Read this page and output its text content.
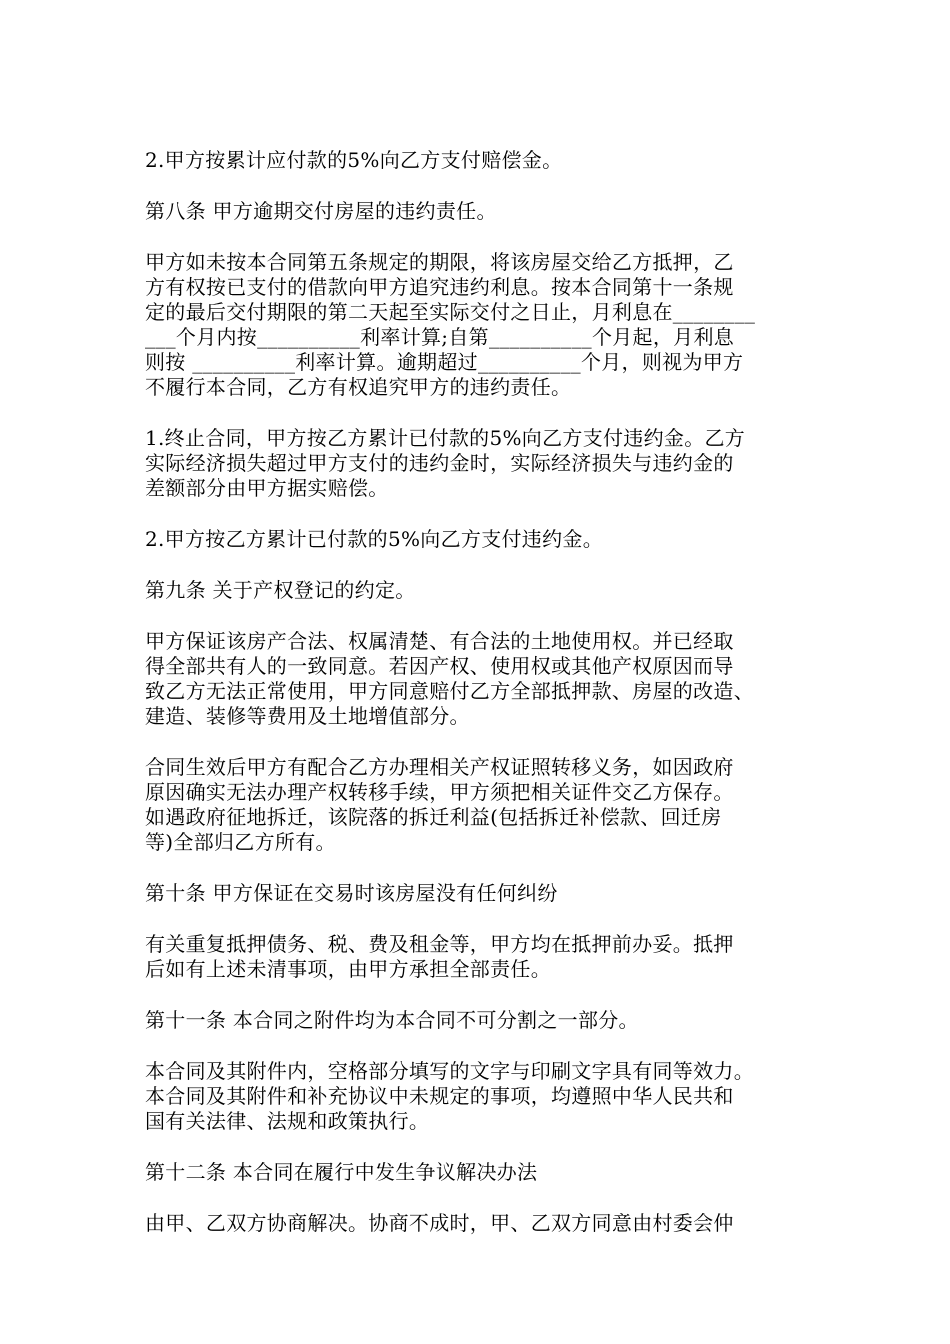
2.甲方按累计应付款的5%向乙方支付赔偿金。

第八条 甲方逾期交付房屋的违约责任。

甲方如未按本合同第五条规定的期限，将该房屋交给乙方抵押，乙
方有权按已支付的借款向甲方追究违约利息。按本合同第十一条规
定的最后交付期限的第二天起至实际交付之日止，月利息在________
___个月内按__________利率计算;自第__________个月起，月利息
则按 __________利率计算。逾期超过__________个月，则视为甲方
不履行本合同，乙方有权追究甲方的违约责任。

1.终止合同，甲方按乙方累计已付款的5%向乙方支付违约金。乙方
实际经济损失超过甲方支付的违约金时，实际经济损失与违约金的
差额部分由甲方据实赔偿。

2.甲方按乙方累计已付款的5%向乙方支付违约金。

第九条 关于产权登记的约定。

甲方保证该房产合法、权属清楚、有合法的土地使用权。并已经取
得全部共有人的一致同意。若因产权、使用权或其他产权原因而导
致乙方无法正常使用，甲方同意赔付乙方全部抵押款、房屋的改造、
建造、装修等费用及土地增值部分。

合同生效后甲方有配合乙方办理相关产权证照转移义务，如因政府
原因确实无法办理产权转移手续，甲方须把相关证件交乙方保存。
如遇政府征地拆迁，该院落的拆迁利益(包括拆迁补偿款、回迁房
等)全部归乙方所有。

第十条 甲方保证在交易时该房屋没有任何纠纷

有关重复抵押债务、税、费及租金等，甲方均在抵押前办妥。抵押
后如有上述未清事项，由甲方承担全部责任。

第十一条 本合同之附件均为本合同不可分割之一部分。

本合同及其附件内，空格部分填写的文字与印刷文字具有同等效力。
本合同及其附件和补充协议中未规定的事项，均遵照中华人民共和
国有关法律、法规和政策执行。

第十二条 本合同在履行中发生争议解决办法

由甲、乙双方协商解决。协商不成时，甲、乙双方同意由村委会仲
